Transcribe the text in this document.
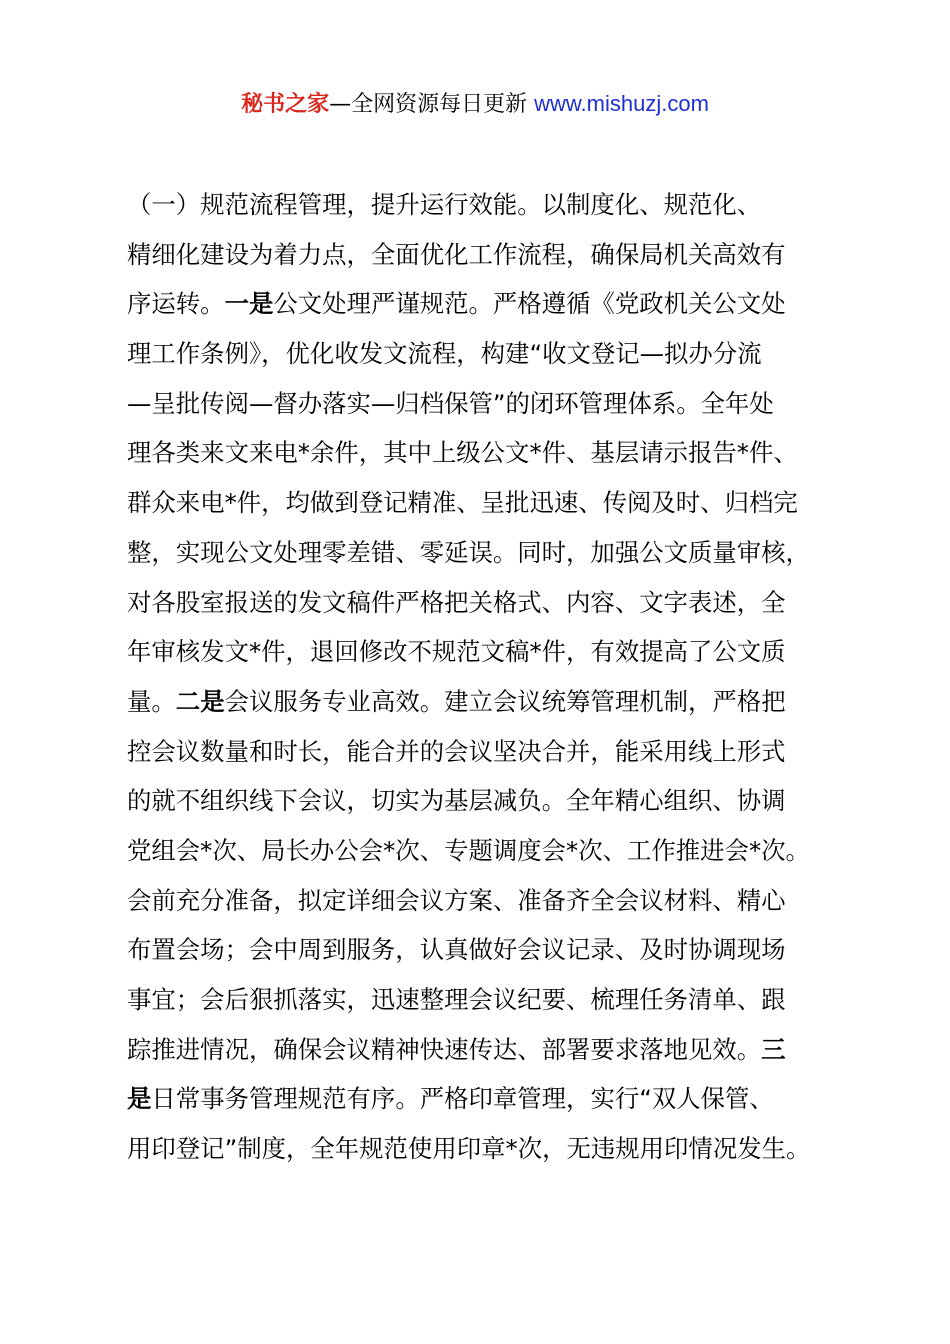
秘书之家—全网资源每日更新 www.mishuzj.com
（一）规范流程管理，提升运行效能。以制度化、规范化、
精细化建设为着力点，全面优化工作流程，确保局机关高效有
序运转。一是公文处理严谨规范。严格遵循《党政机关公文处
理工作条例》，优化收发文流程，构建“收文登记—拟办分流
—呈批传阅—督办落实—归档保管”的闭环管理体系。全年处
理各类来文来电*余件，其中上级公文*件、基层请示报告*件、
群众来电*件，均做到登记精准、呈批迅速、传阅及时、归档完
整，实现公文处理零差错、零延误。同时，加强公文质量审核，
对各股室报送的发文稿件严格把关格式、内容、文字表述，全
年审核发文*件，退回修改不规范文稿*件，有效提高了公文质
量。二是会议服务专业高效。建立会议统筹管理机制，严格把
控会议数量和时长，能合并的会议坚决合并，能采用线上形式
的就不组织线下会议，切实为基层减负。全年精心组织、协调
党组会*次、局长办公会*次、专题调度会*次、工作推进会*次。
会前充分准备，拟定详细会议方案、准备齐全会议材料、精心
布置会场；会中周到服务，认真做好会议记录、及时协调现场
事宜；会后狠抓落实，迅速整理会议纪要、梳理任务清单、跟
踪推进情况，确保会议精神快速传达、部署要求落地见效。三
是日常事务管理规范有序。严格印章管理，实行“双人保管、
用印登记”制度，全年规范使用印章*次，无违规用印情况发生。
